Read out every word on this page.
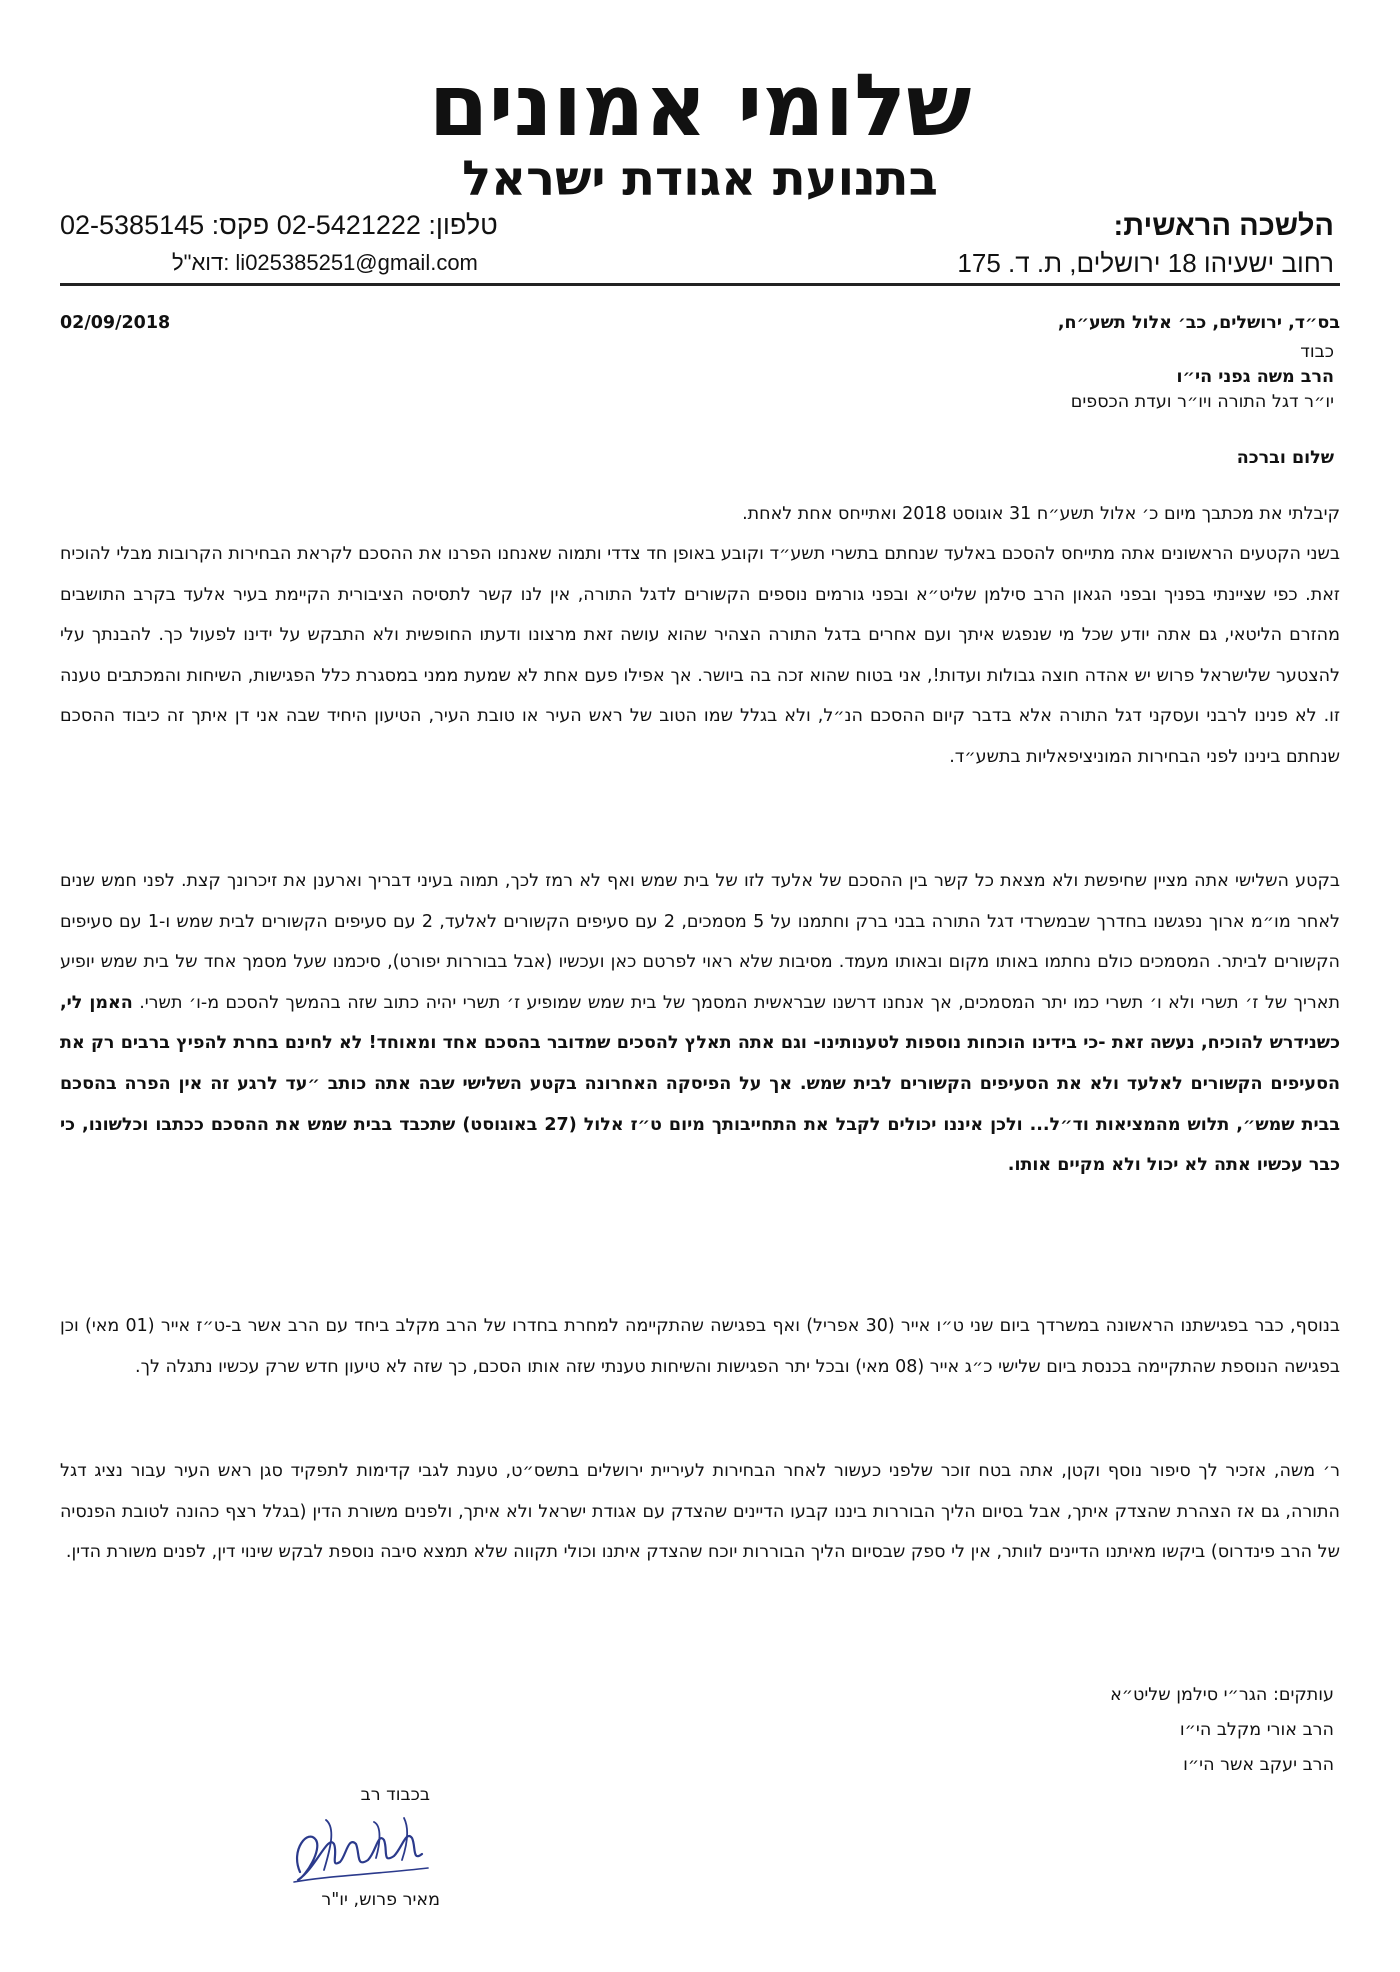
שלומי אמונים
בתנועת אגודת ישראל
הלשכה הראשית:
רחוב ישעיהו 18 ירושלים, ת. ד. 175
טלפון: 02-5421222 פקס: 02-5385145
דוא"ל: li025385251@gmail.com
בס״ד, ירושלים, כב׳ אלול תשע״ח,
02/09/2018
כבוד
הרב משה גפני הי״ו
יו״ר דגל התורה ויו״ר ועדת הכספים
שלום וברכה

קיבלתי את מכתבך מיום כ׳ אלול תשע״ח 31 אוגוסט 2018 ואתייחס אחת לאחת.

בשני הקטעים הראשונים אתה מתייחס להסכם באלעד שנחתם בתשרי תשע״ד וקובע באופן חד צדדי ותמוה שאנחנו הפרנו את ההסכם לקראת הבחירות הקרובות מבלי להוכיח זאת. כפי שציינתי בפניך ובפני הגאון הרב סילמן שליט״א ובפני גורמים נוספים הקשורים לדגל התורה, אין לנו קשר לתסיסה הציבורית הקיימת בעיר אלעד בקרב התושבים מהזרם הליטאי, גם אתה יודע שכל מי שנפגש איתך ועם אחרים בדגל התורה הצהיר שהוא עושה זאת מרצונו ודעתו החופשית ולא התבקש על ידינו לפעול כך. להבנתך עלי להצטער שלישראל פרוש יש אהדה חוצה גבולות ועדות!, אני בטוח שהוא זכה בה ביושר. אך אפילו פעם אחת לא שמעת ממני במסגרת כלל הפגישות, השיחות והמכתבים טענה זו. לא פנינו לרבני ועסקני דגל התורה אלא בדבר קיום ההסכם הנ״ל, ולא בגלל שמו הטוב של ראש העיר או טובת העיר, הטיעון היחיד שבה אני דן איתך זה כיבוד ההסכם שנחתם בינינו לפני הבחירות המוניציפאליות בתשע״ד.

בקטע השלישי אתה מציין שחיפשת ולא מצאת כל קשר בין ההסכם של אלעד לזו של בית שמש ואף לא רמז לכך, תמוה בעיני דבריך וארענן את זיכרונך קצת. לפני חמש שנים לאחר מו״מ ארוך נפגשנו בחדרך שבמשרדי דגל התורה בבני ברק וחתמנו על 5 מסמכים, 2 עם סעיפים הקשורים לאלעד, 2 עם סעיפים הקשורים לבית שמש ו-1 עם סעיפים הקשורים לביתר. המסמכים כולם נחתמו באותו מקום ובאותו מעמד. מסיבות שלא ראוי לפרטם כאן ועכשיו (אבל בבוררות יפורט), סיכמנו שעל מסמך אחד של בית שמש יופיע תאריך של ז׳ תשרי ולא ו׳ תשרי כמו יתר המסמכים, אך אנחנו דרשנו שבראשית המסמך של בית שמש שמופיע ז׳ תשרי יהיה כתוב שזה בהמשך להסכם מ-ו׳ תשרי. האמן לי, כשנידרש להוכיח, נעשה זאת -כי בידינו הוכחות נוספות לטענותינו- וגם אתה תאלץ להסכים שמדובר בהסכם אחד ומאוחד! לא לחינם בחרת להפיץ ברבים רק את הסעיפים הקשורים לאלעד ולא את הסעיפים הקשורים לבית שמש. אך על הפיסקה האחרונה בקטע השלישי שבה אתה כותב ״עד לרגע זה אין הפרה בהסכם בבית שמש״, תלוש מהמציאות וד״ל... ולכן איננו יכולים לקבל את התחייבותך מיום ט״ז אלול (27 באוגוסט) שתכבד בבית שמש את ההסכם ככתבו וכלשונו, כי כבר עכשיו אתה לא יכול ולא מקיים אותו.

בנוסף, כבר בפגישתנו הראשונה במשרדך ביום שני ט״ו אייר (30 אפריל) ואף בפגישה שהתקיימה למחרת בחדרו של הרב מקלב ביחד עם הרב אשר ב-ט״ז אייר (01 מאי) וכן בפגישה הנוספת שהתקיימה בכנסת ביום שלישי כ״ג אייר (08 מאי) ובכל יתר הפגישות והשיחות טענתי שזה אותו הסכם, כך שזה לא טיעון חדש שרק עכשיו נתגלה לך.

ר׳ משה, אזכיר לך סיפור נוסף וקטן, אתה בטח זוכר שלפני כעשור לאחר הבחירות לעיריית ירושלים בתשס״ט, טענת לגבי קדימות לתפקיד סגן ראש העיר עבור נציג דגל התורה, גם אז הצהרת שהצדק איתך, אבל בסיום הליך הבוררות ביננו קבעו הדיינים שהצדק עם אגודת ישראל ולא איתך, ולפנים משורת הדין (בגלל רצף כהונה לטובת הפנסיה של הרב פינדרוס) ביקשו מאיתנו הדיינים לוותר, אין לי ספק שבסיום הליך הבוררות יוכח שהצדק איתנו וכולי תקווה שלא תמצא סיבה נוספת לבקש שינוי דין, לפנים משורת הדין.

עותקים: הגר״י סילמן שליט״א
הרב אורי מקלב הי״ו
הרב יעקב אשר הי״ו
בכבוד רב
מאיר פרוש, יו"ר
